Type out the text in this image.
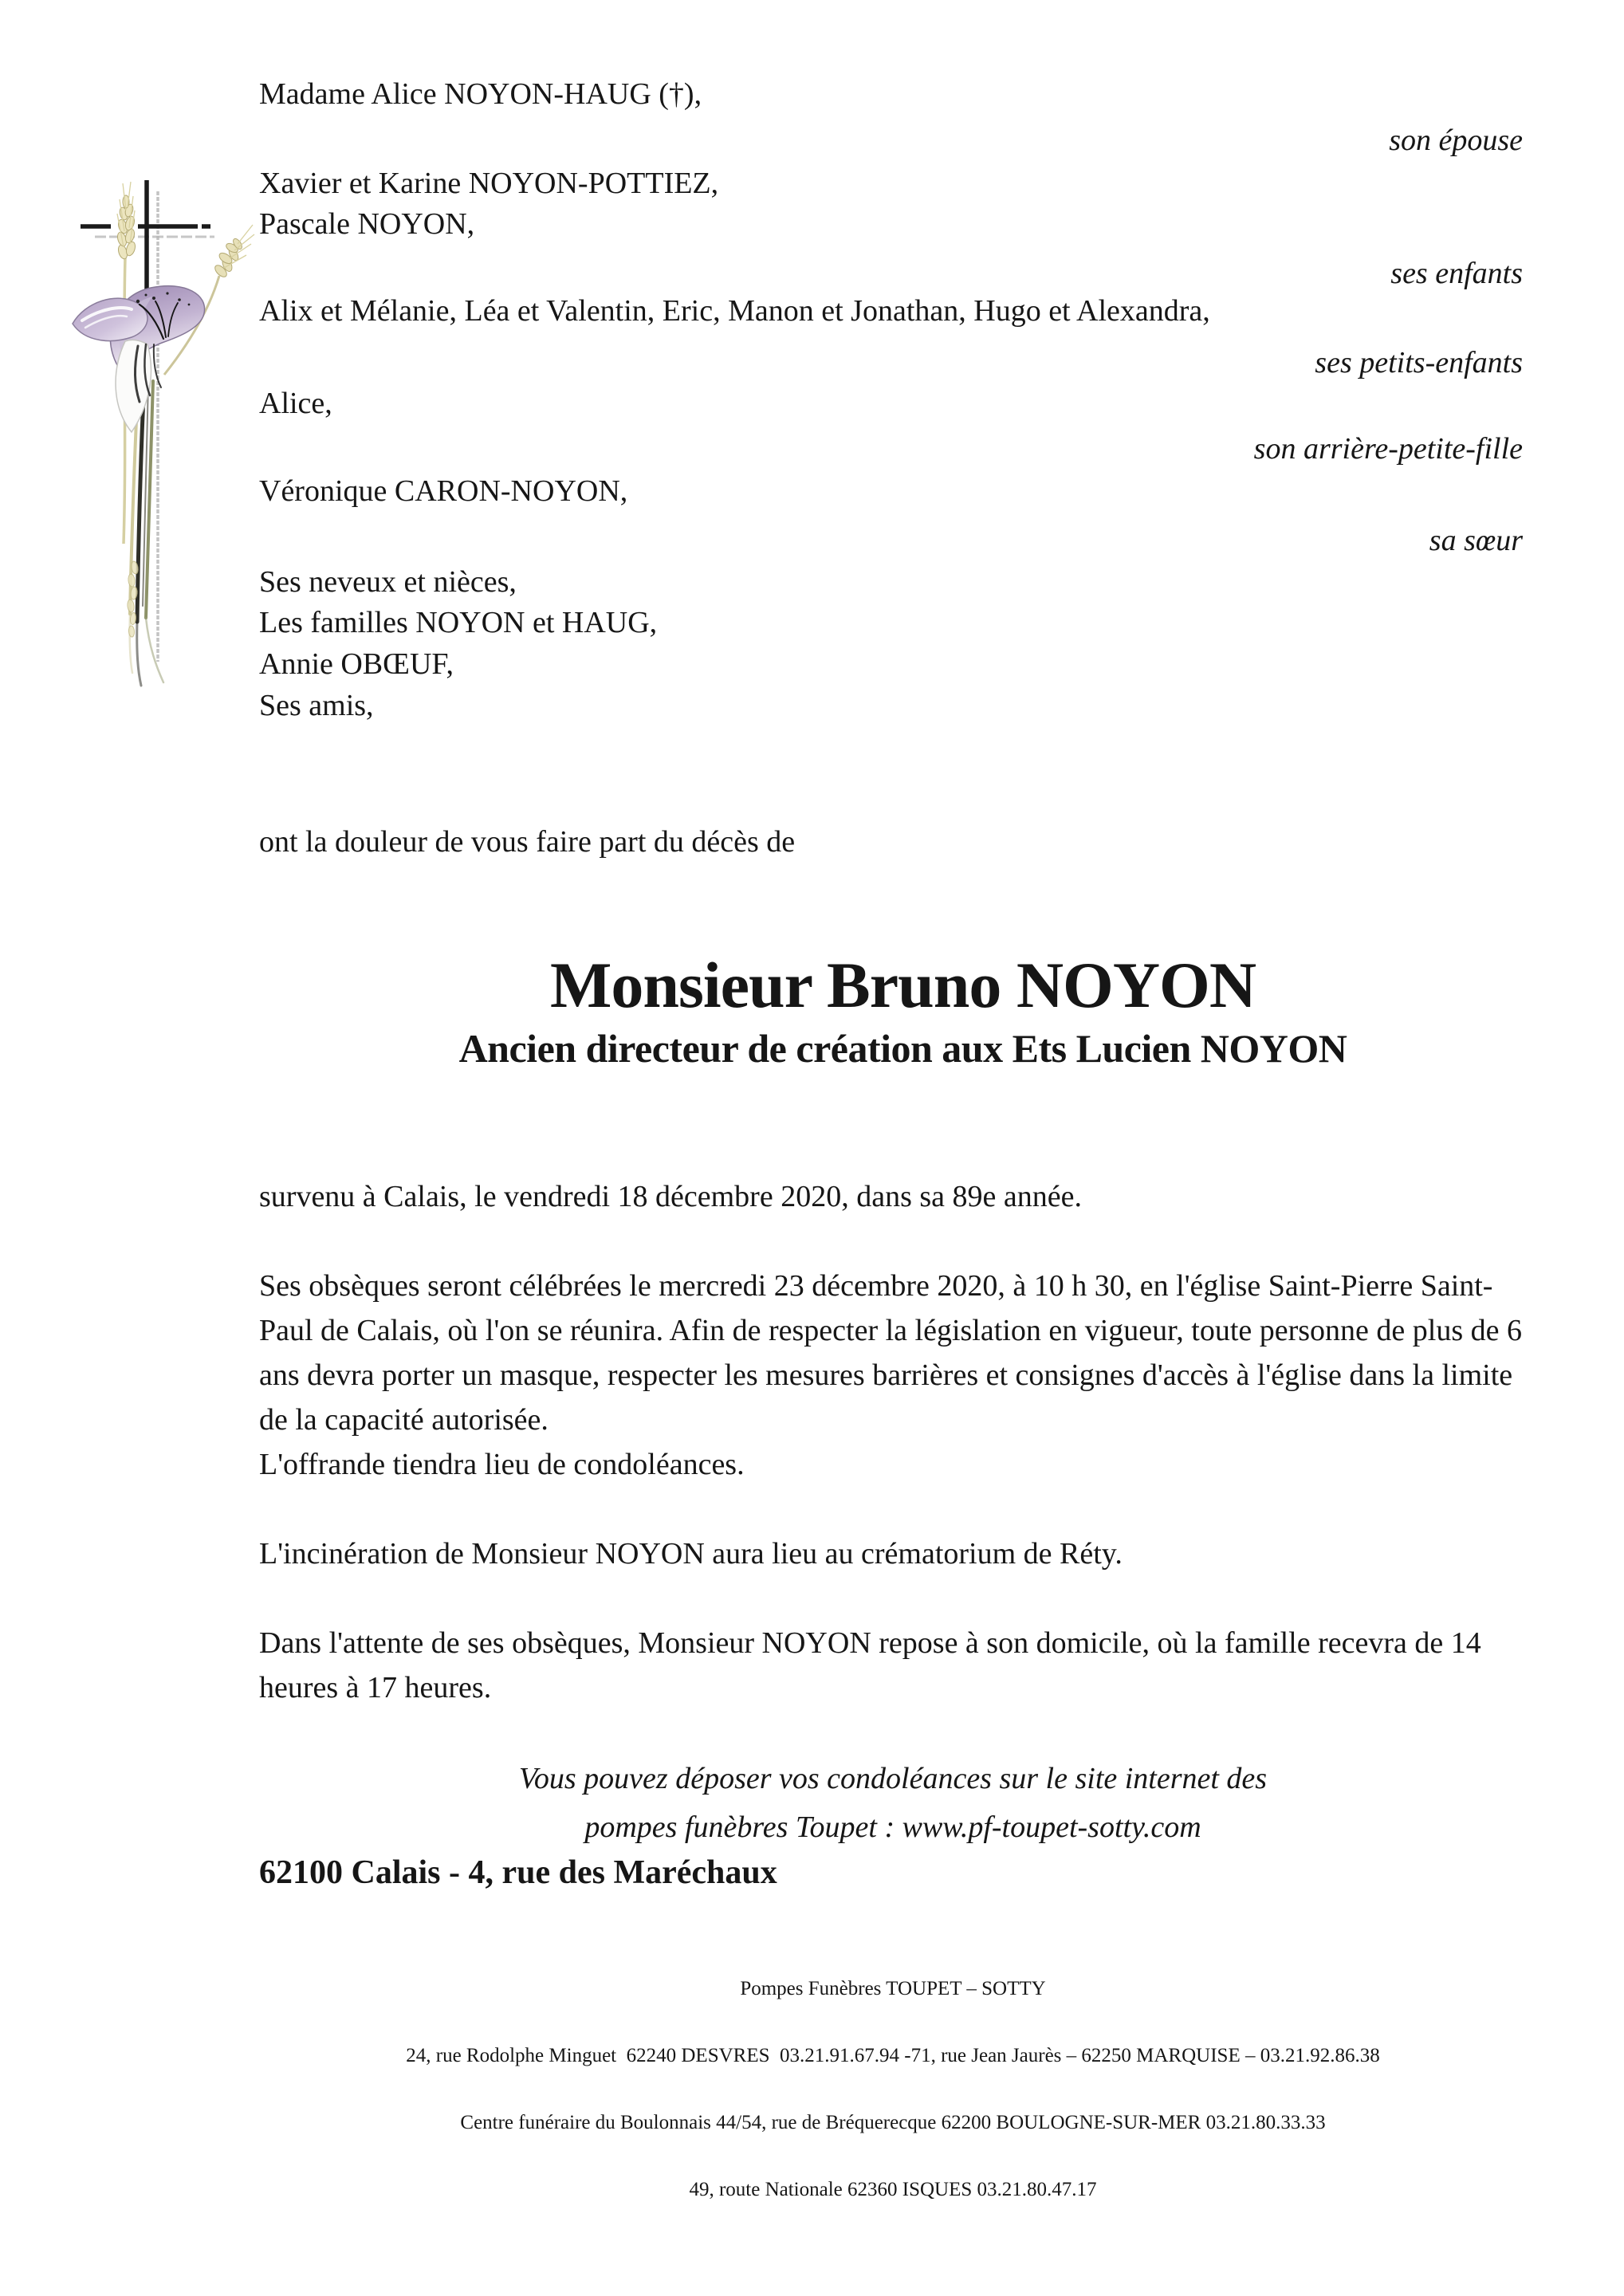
Madame Alice NOYON-HAUG (†),
son épouse
Xavier et Karine NOYON-POTTIEZ,
Pascale NOYON,
ses enfants
Alix et Mélanie, Léa et Valentin, Eric, Manon et Jonathan, Hugo et Alexandra,
ses petits-enfants
Alice,
son arrière-petite-fille
Véronique CARON-NOYON,
sa sœur
Ses neveux et nièces,
Les familles NOYON et HAUG,
Annie OBŒUF,
Ses amis,
ont la douleur de vous faire part du décès de
Monsieur Bruno NOYON
Ancien directeur de création aux Ets Lucien NOYON

survenu à Calais, le vendredi 18 décembre 2020, dans sa 89e année.

Ses obsèques seront célébrées le mercredi 23 décembre 2020, à 10 h 30, en l'église Saint-Pierre Saint-Paul de Calais, où l'on se réunira. Afin de respecter la législation en vigueur, toute personne de plus de 6 ans devra porter un masque, respecter les mesures barrières et consignes d'accès à l'église dans la limite de la capacité autorisée.

L'offrande tiendra lieu de condoléances.

L'incinération de Monsieur NOYON aura lieu au crématorium de Réty.

Dans l'attente de ses obsèques, Monsieur NOYON repose à son domicile, où la famille recevra de 14 heures à 17 heures.

Vous pouvez déposer vos condoléances sur le site internet des

pompes funèbres Toupet : www.pf-toupet-sotty.com

62100 Calais - 4, rue des Maréchaux

Pompes Funèbres TOUPET – SOTTY

24, rue Rodolphe Minguet  62240 DESVRES  03.21.91.67.94 -71, rue Jean Jaurès – 62250 MARQUISE – 03.21.92.86.38

Centre funéraire du Boulonnais 44/54, rue de Bréquerecque 62200 BOULOGNE-SUR-MER 03.21.80.33.33

49, route Nationale 62360 ISQUES 03.21.80.47.17
